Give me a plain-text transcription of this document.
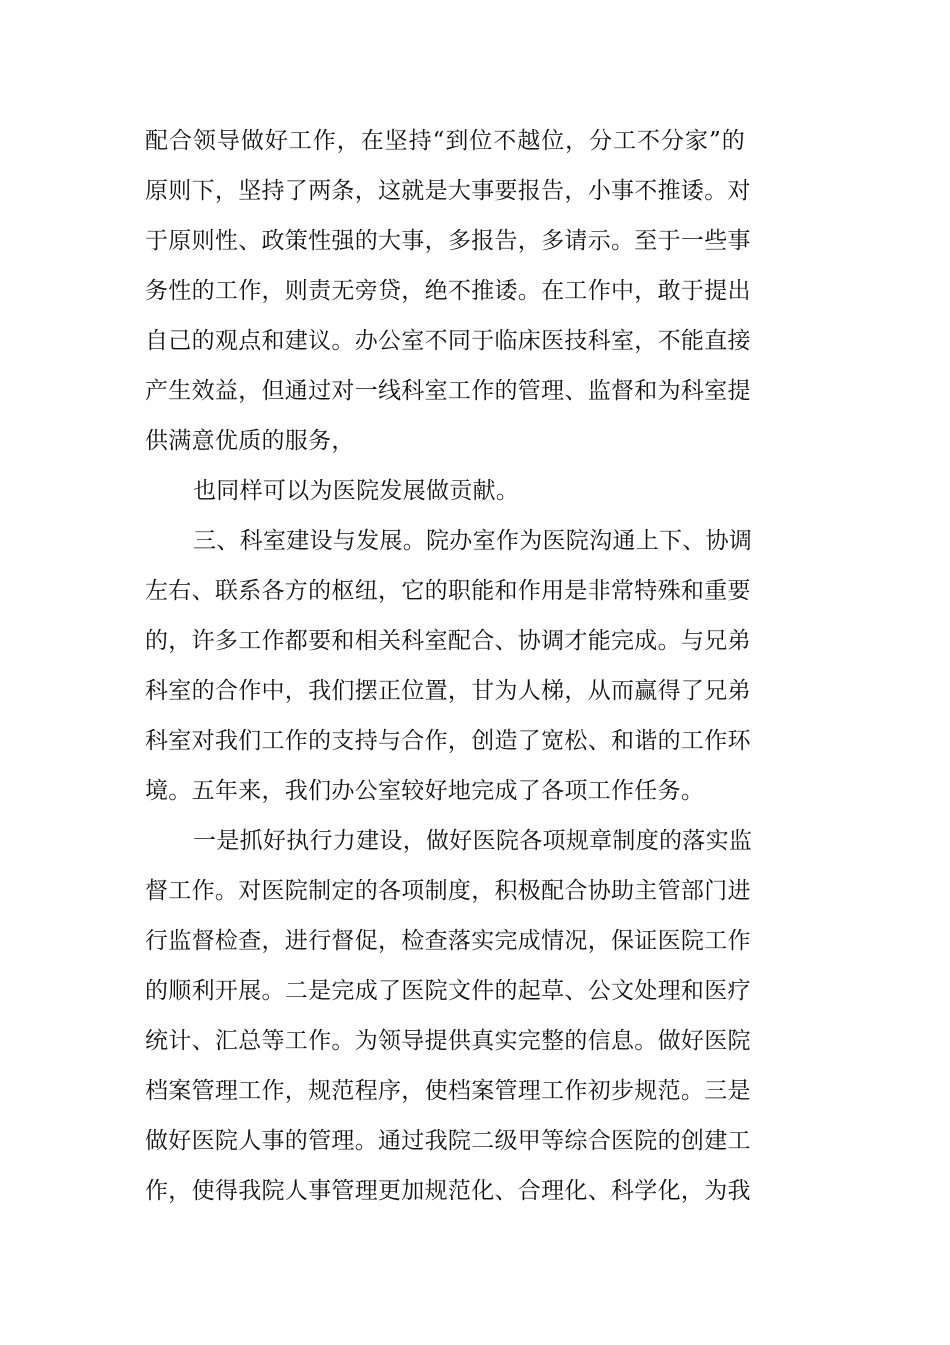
配合领导做好工作，在坚持“到位不越位，分工不分家”的
原则下，坚持了两条，这就是大事要报告，小事不推诿。对
于原则性、政策性强的大事，多报告，多请示。至于一些事
务性的工作，则责无旁贷，绝不推诿。在工作中，敢于提出
自己的观点和建议。办公室不同于临床医技科室，不能直接
产生效益，但通过对一线科室工作的管理、监督和为科室提
供满意优质的服务，
也同样可以为医院发展做贡献。
三、科室建设与发展。院办室作为医院沟通上下、协调
左右、联系各方的枢纽，它的职能和作用是非常特殊和重要
的，许多工作都要和相关科室配合、协调才能完成。与兄弟
科室的合作中，我们摆正位置，甘为人梯，从而赢得了兄弟
科室对我们工作的支持与合作，创造了宽松、和谐的工作环
境。五年来，我们办公室较好地完成了各项工作任务。
一是抓好执行力建设，做好医院各项规章制度的落实监
督工作。对医院制定的各项制度，积极配合协助主管部门进
行监督检查，进行督促，检查落实完成情况，保证医院工作
的顺利开展。二是完成了医院文件的起草、公文处理和医疗
统计、汇总等工作。为领导提供真实完整的信息。做好医院
档案管理工作，规范程序，使档案管理工作初步规范。三是
做好医院人事的管理。通过我院二级甲等综合医院的创建工
作，使得我院人事管理更加规范化、合理化、科学化，为我
